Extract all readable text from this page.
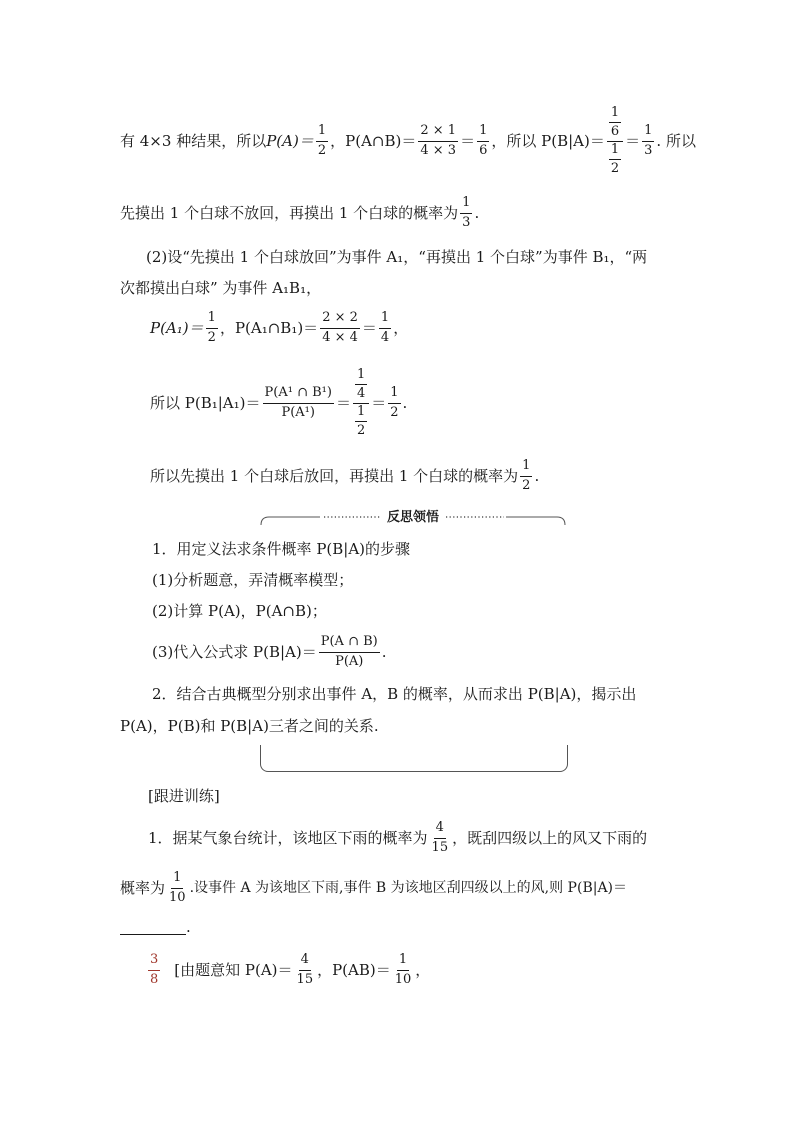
有 4×3 种结果，所以 $P(A)= \frac{1}{2}$ ，P(A∩B)＝ $\frac{2 \times 1}{4 \times 3} = \frac{1}{6}$ ，所以 P(B|A)＝
$\frac{1}{6}$
$\frac{1}{2}$
＝ $\frac{1}{3}$ . 所以
先摸出 1 个白球不放回，再摸出 1 个白球的概率为 $\frac{1}{3}$ .
(2)设“先摸出 1 个白球放回”为事件 A₁，“再摸出 1 个白球”为事件 B₁，“两
次都摸出白球” 为事件 A₁B₁，
$P(A_1)= \frac{1}{2}$ ，P(A₁∩B₁)＝ $\frac{2 \times 2}{4 \times 4} = \frac{1}{4}$ ，
所以 $P(B_1|A_1)= \frac{\text{P(A¹ ∩ B¹)}}{\text{P(A¹)}}$ ＝
$\frac{1}{4}$
$\frac{1}{2}$
＝ $\frac{1}{2}$ .
所以先摸出 1 个白球后放回，再摸出 1 个白球的概率为 $\frac{1}{2}$ .
反思领悟
1．用定义法求条件概率 P(B|A)的步骤
(1)分析题意，弄清概率模型；
(2)计算 P(A)，P(A∩B)；
(3)代入公式求 $P(B|A)= \frac{P(A \cap B)}{P(A)}$ .
2．结合古典概型分别求出事件 A，B 的概率，从而求出 P(B|A)，揭示出
P(A)，P(B)和 P(B|A)三者之间的关系.
[跟进训练]
1．据某气象台统计，该地区下雨的概率为 $\frac{4}{15}$ ，既刮四级以上的风又下雨的
概率为 $\frac{1}{10}$ .设事件 A 为该地区下雨,事件 B 为该地区刮四级以上的风,则 P(B|A)＝
.
$\frac{3}{8}$ [由题意知 $P(A)= \frac{4}{15}$ ，$P(AB)= \frac{1}{10}$ ，
